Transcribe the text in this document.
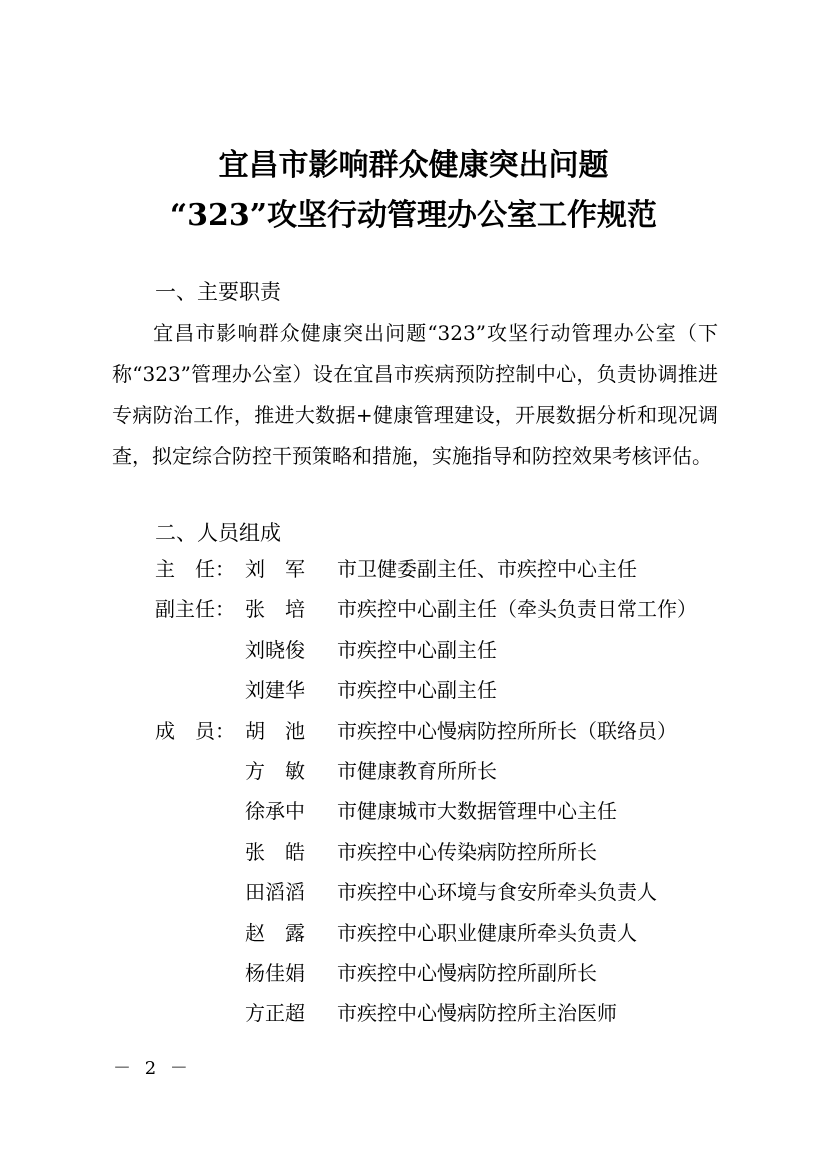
宜昌市影响群众健康突出问题
“323”攻坚行动管理办公室工作规范
一、主要职责
宜昌市影响群众健康突出问题“323”攻坚行动管理办公室（下称“323”管理办公室）设在宜昌市疾病预防控制中心，负责协调推进专病防治工作，推进大数据+健康管理建设，开展数据分析和现况调查，拟定综合防控干预策略和措施，实施指导和防控效果考核评估。
二、人员组成
主　任： 刘　军	市卫健委副主任、市疾控中心主任
副主任： 张　培	市疾控中心副主任（牵头负责日常工作）
刘晓俊	市疾控中心副主任
刘建华	市疾控中心副主任
成　员： 胡　池	市疾控中心慢病防控所所长（联络员）
方　敏	市健康教育所所长
徐承中	市健康城市大数据管理中心主任
张　皓	市疾控中心传染病防控所所长
田滔滔	市疾控中心环境与食安所牵头负责人
赵　露	市疾控中心职业健康所牵头负责人
杨佳娟	市疾控中心慢病防控所副所长
方正超	市疾控中心慢病防控所主治医师
－ 2 －
